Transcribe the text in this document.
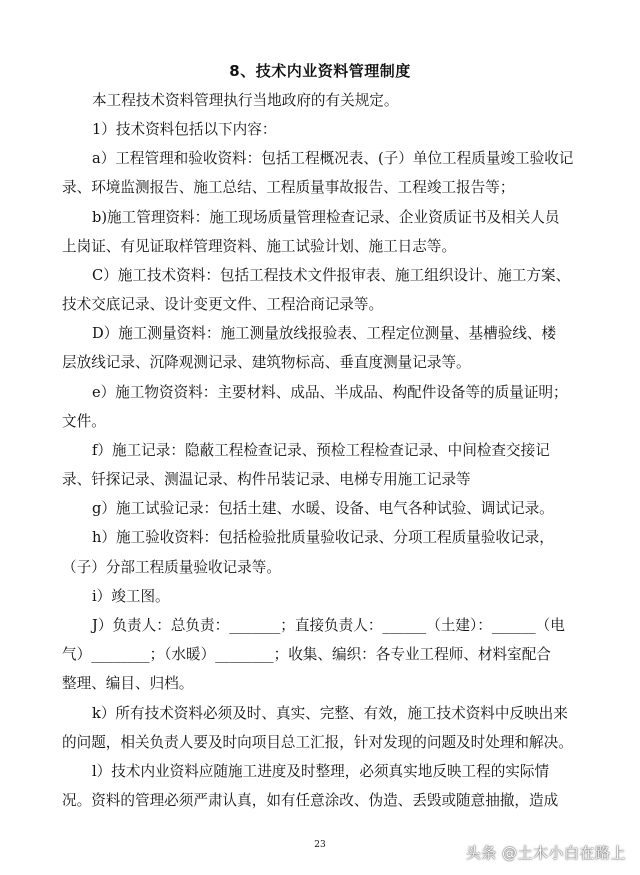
8、技术内业资料管理制度
本工程技术资料管理执行当地政府的有关规定。
1）技术资料包括以下内容：
a）工程管理和验收资料：包括工程概况表、(子）单位工程质量竣工验收记
录、环境监测报告、施工总结、工程质量事故报告、工程竣工报告等；
b)施工管理资料：施工现场质量管理检查记录、企业资质证书及相关人员
上岗证、有见证取样管理资料、施工试验计划、施工日志等。
C）施工技术资料：包括工程技术文件报审表、施工组织设计、施工方案、
技术交底记录、设计变更文件、工程洽商记录等。
D）施工测量资料：施工测量放线报验表、工程定位测量、基槽验线、楼
层放线记录、沉降观测记录、建筑物标高、垂直度测量记录等。
e）施工物资资料：主要材料、成品、半成品、构配件设备等的质量证明；
文件。
f）施工记录：隐蔽工程检查记录、预检工程检查记录、中间检查交接记
录、钎探记录、测温记录、构件吊装记录、电梯专用施工记录等
g）施工试验记录：包括土建、水暖、设备、电气各种试验、调试记录。
h）施工验收资料：包括检验批质量验收记录、分项工程质量验收记录，
（子）分部工程质量验收记录等。
i）竣工图。
J）负责人：总负责：_______；直接负责人：______（土建）：______（电
气）________；（水暖）________；收集、编织：各专业工程师、材料室配合
整理、编目、归档。
k）所有技术资料必须及时、真实、完整、有效，施工技术资料中反映出来
的问题，相关负责人要及时向项目总工汇报，针对发现的问题及时处理和解决。
l）技术内业资料应随施工进度及时整理，必须真实地反映工程的实际情
况。资料的管理必须严肃认真，如有任意涂改、伪造、丢毁或随意抽撤，造成
23	头条 @土木小白在路上
